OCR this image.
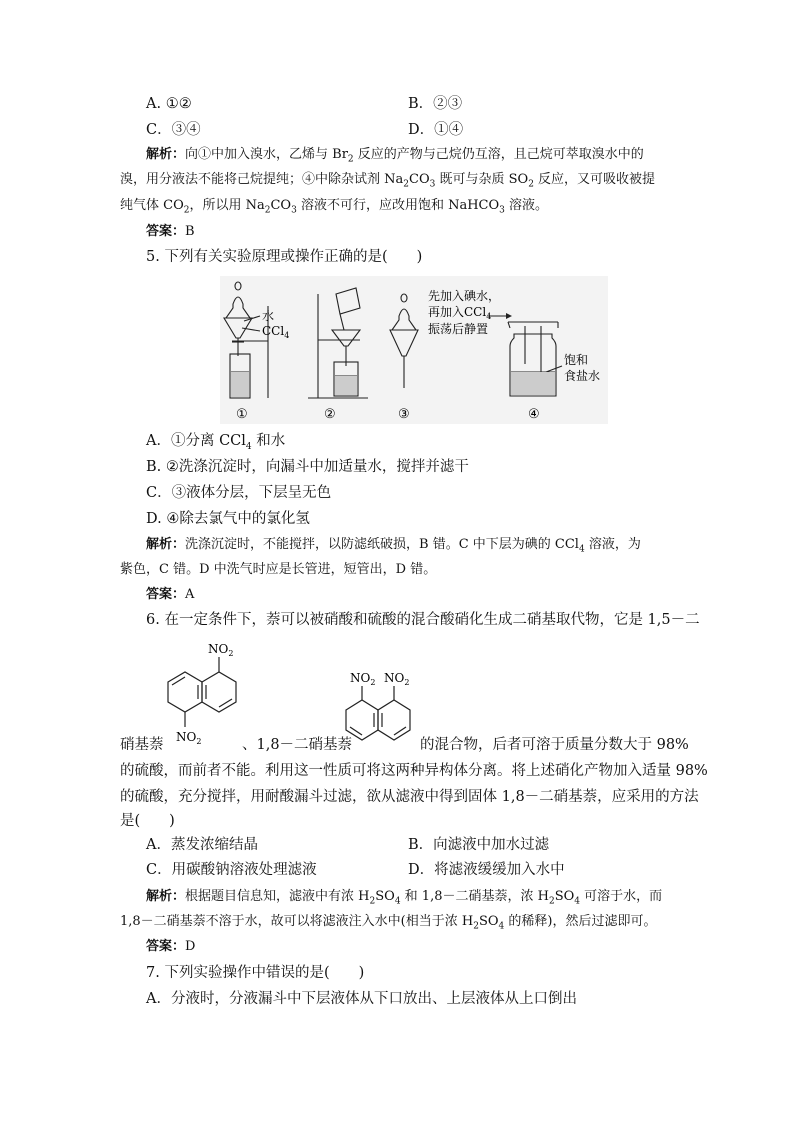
A. ①②	B．②③
C．③④	D．①④
解析：向①中加入溴水，乙烯与 $Br_2$ 反应的产物与己烷仍互溶，且己烷可萃取溴水中的
溴，用分液法不能将己烷提纯；④中除杂试剂 $Na_2CO_3$ 既可与杂质 $SO_2$ 反应，又可吸收被提
纯气体 $CO_2$，所以用 $Na_2CO_3$ 溶液不可行，应改用饱和 NaHCO$_3$ 溶液。
答案：B
5. 下列有关实验原理或操作正确的是(　　)
水
CCl$_4$
先加入碘水，
再加入CCl$_4$
振荡后静置
饱和
食盐水
①	②	③	④
A．①分离 CCl$_4$ 和水
B. ②洗涤沉淀时，向漏斗中加适量水，搅拌并滤干
C．③液体分层，下层呈无色
D. ④除去氯气中的氯化氢
解析：洗涤沉淀时，不能搅拌，以防滤纸破损，B 错。C 中下层为碘的 CCl$_4$ 溶液，为
紫色，C 错。D 中洗气时应是长管进，短管出，D 错。
答案：A
6. 在一定条件下，萘可以被硝酸和硫酸的混合酸硝化生成二硝基取代物，它是 1,5－二
$NO_2$
$NO_2$
$NO_2$ $NO_2$
硝基萘	、1,8－二硝基萘	的混合物，后者可溶于质量分数大于 98%
的硫酸，而前者不能。利用这一性质可将这两种异构体分离。将上述硝化产物加入适量 98%
的硫酸，充分搅拌，用耐酸漏斗过滤，欲从滤液中得到固体 1,8－二硝基萘，应采用的方法
是(　　)
A．蒸发浓缩结晶	B．向滤液中加水过滤
C．用碳酸钠溶液处理滤液	D．将滤液缓缓加入水中
解析：根据题目信息知，滤液中有浓 $H_2SO_4$ 和 1,8－二硝基萘，浓 $H_2SO_4$ 可溶于水，而
1,8－二硝基萘不溶于水，故可以将滤液注入水中(相当于浓 $H_2SO_4$ 的稀释)，然后过滤即可。
答案：D
7. 下列实验操作中错误的是(　　)
A．分液时，分液漏斗中下层液体从下口放出、上层液体从上口倒出
